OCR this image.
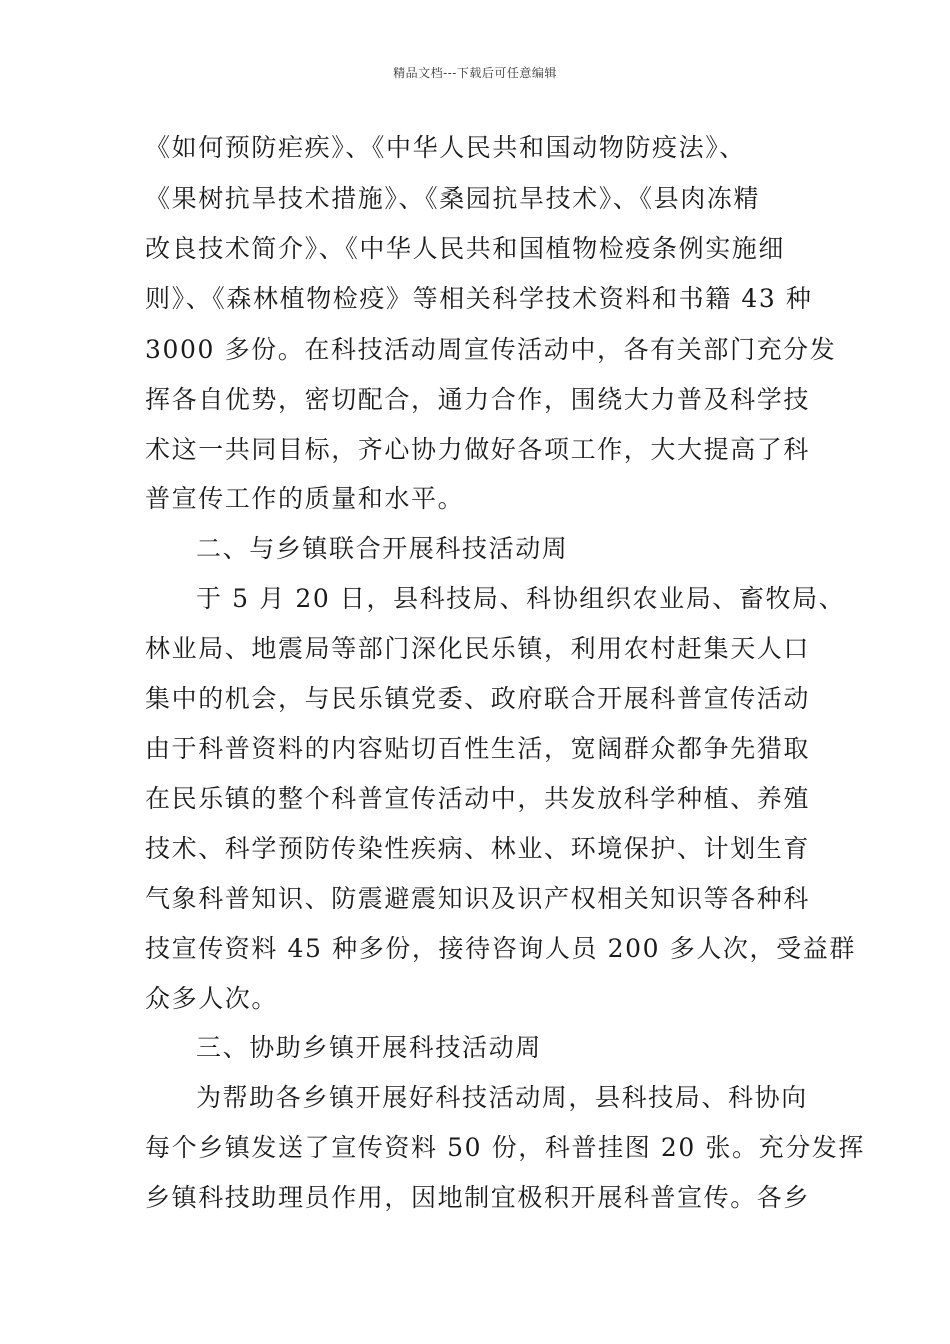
精品文档---下载后可任意编辑
《如何预防疟疾》、《中华人民共和国动物防疫法》、
《果树抗旱技术措施》、《桑园抗旱技术》、《县肉冻精
改良技术简介》、《中华人民共和国植物检疫条例实施细
则》、《森林植物检疫》等相关科学技术资料和书籍 43 种
3000 多份。在科技活动周宣传活动中，各有关部门充分发
挥各自优势，密切配合，通力合作，围绕大力普及科学技
术这一共同目标，齐心协力做好各项工作，大大提高了科
普宣传工作的质量和水平。
二、与乡镇联合开展科技活动周
于 5 月 20 日，县科技局、科协组织农业局、畜牧局、
林业局、地震局等部门深化民乐镇，利用农村赶集天人口
集中的机会，与民乐镇党委、政府联合开展科普宣传活动
由于科普资料的内容贴切百性生活，宽阔群众都争先猎取
在民乐镇的整个科普宣传活动中，共发放科学种植、养殖
技术、科学预防传染性疾病、林业、环境保护、计划生育
气象科普知识、防震避震知识及识产权相关知识等各种科
技宣传资料 45 种多份，接待咨询人员 200 多人次，受益群
众多人次。
三、协助乡镇开展科技活动周
为帮助各乡镇开展好科技活动周，县科技局、科协向
每个乡镇发送了宣传资料 50 份，科普挂图 20 张。充分发挥
乡镇科技助理员作用，因地制宜极积开展科普宣传。各乡
